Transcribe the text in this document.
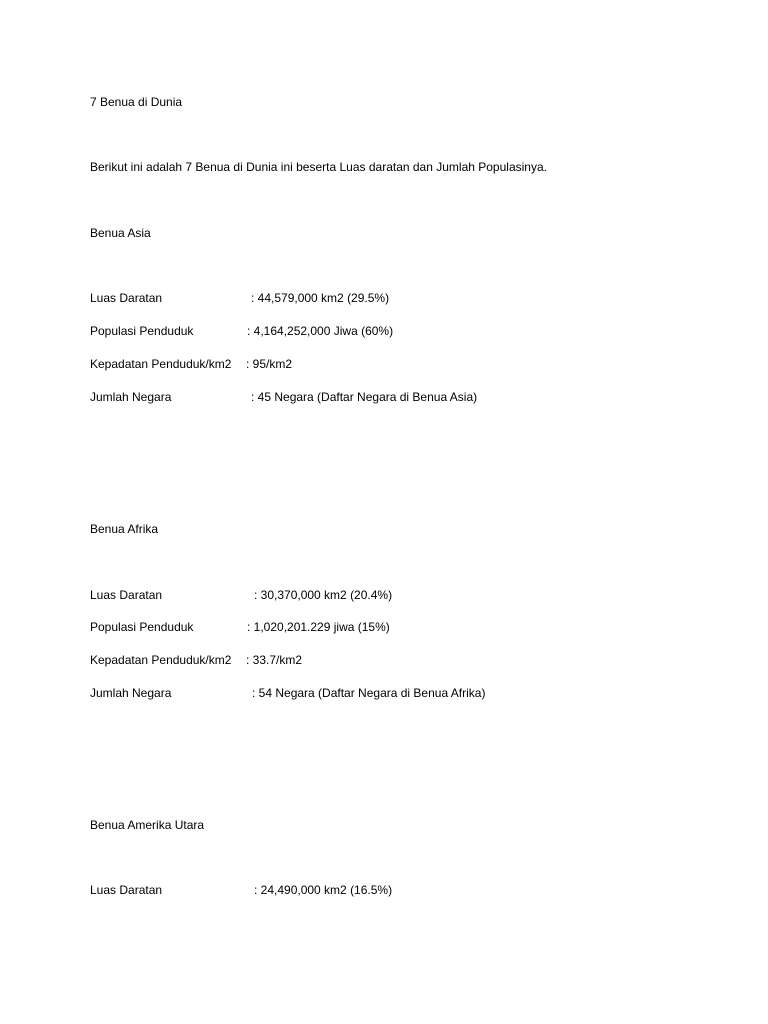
7 Benua di Dunia
Berikut ini adalah 7 Benua di Dunia ini beserta Luas daratan dan Jumlah Populasinya.
Benua Asia
Luas Daratan	: 44,579,000 km2 (29.5%)
Populasi Penduduk	: 4,164,252,000 Jiwa (60%)
Kepadatan Penduduk/km2 : 95/km2
Jumlah Negara	: 45 Negara (Daftar Negara di Benua Asia)
Benua Afrika
Luas Daratan	: 30,370,000 km2 (20.4%)
Populasi Penduduk	: 1,020,201.229 jiwa (15%)
Kepadatan Penduduk/km2 : 33.7/km2
Jumlah Negara	: 54 Negara (Daftar Negara di Benua Afrika)
Benua Amerika Utara
Luas Daratan	: 24,490,000 km2 (16.5%)
